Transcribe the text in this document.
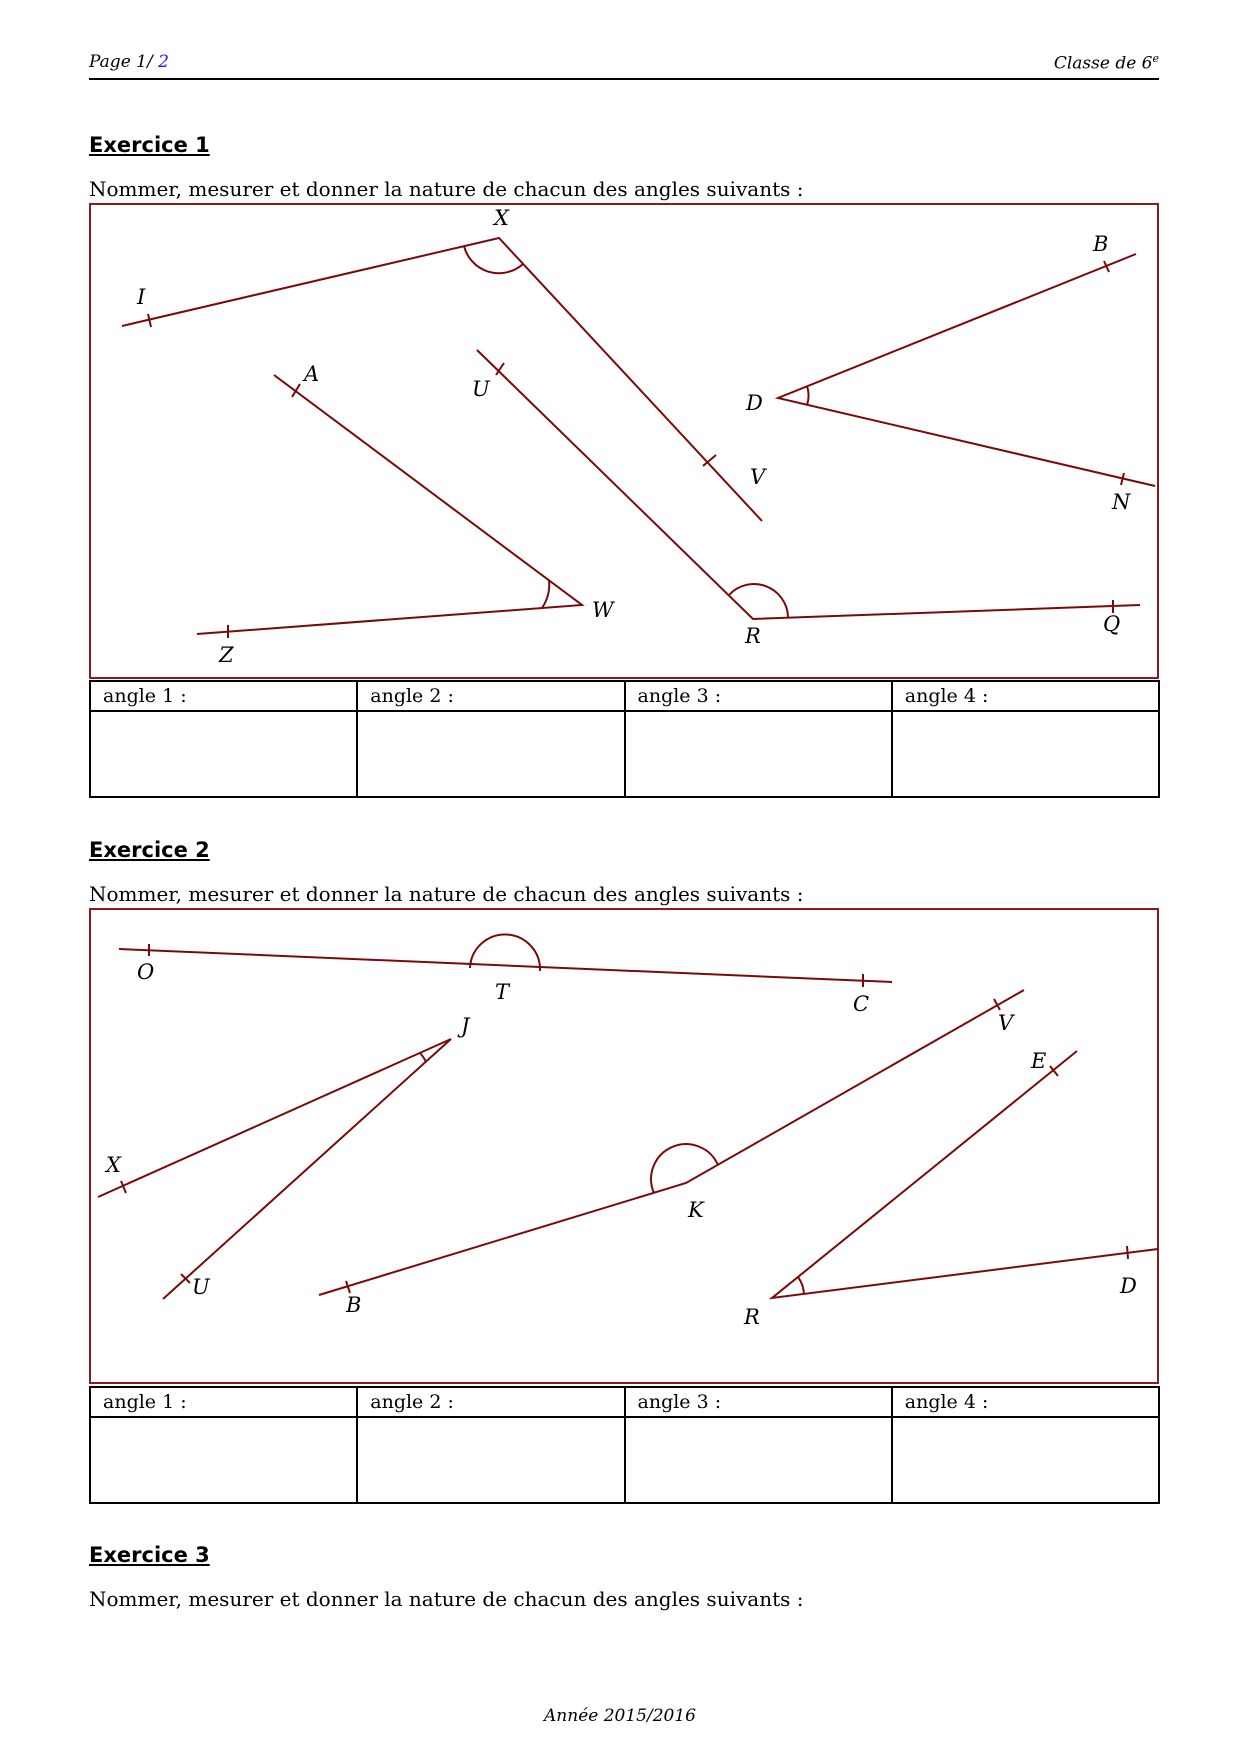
Page 1/ 2	Classe de 6e
Exercice 1
Nommer, mesurer et donner la nature de chacun des angles suivants :
X
I
U
V
A
W
Z
R	Q
D
B
N
angle 1 :	angle 2 :	angle 3 :	angle 4 :

Exercice 2
Nommer, mesurer et donner la nature de chacun des angles suivants :
O
T	C
J
X
U
K
V
B
E
R
D
angle 1 :	angle 2 :	angle 3 :	angle 4 :

Exercice 3
Nommer, mesurer et donner la nature de chacun des angles suivants :
Année 2015/2016
